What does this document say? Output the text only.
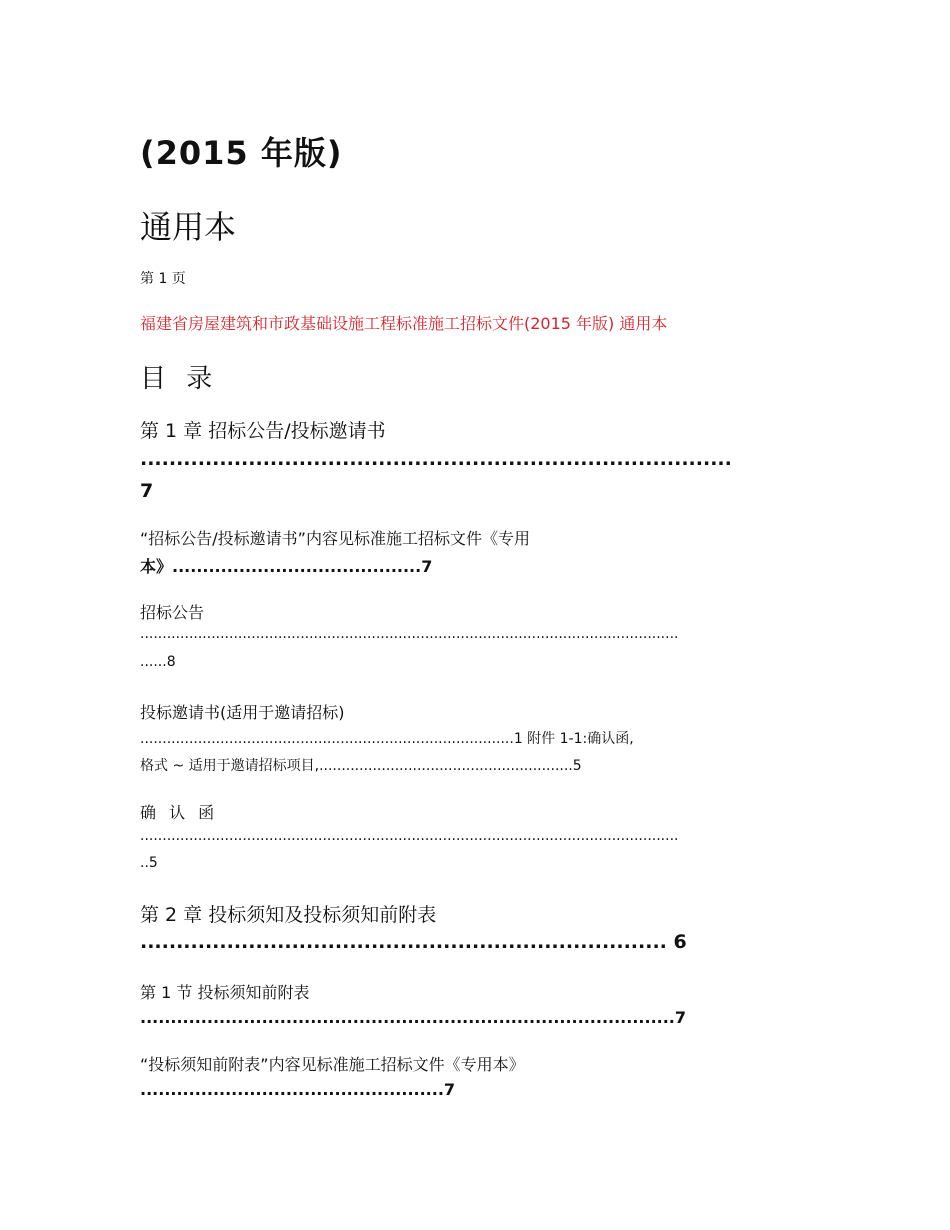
(2015 年版)
通用本
第 1 页
福建省房屋建筑和市政基础设施工程标准施工招标文件(2015 年版) 通用本
目 录
第 1 章 招标公告/投标邀请书
..................................................................................
7
“招标公告/投标邀请书”内容见标准施工招标文件《专用
本》.........................................7
招标公告
.........................................................................................................................
......8
投标邀请书(适用于邀请招标)
....................................................................................1 附件 1-1:确认函,
格式 ~ 适用于邀请招标项目,.........................................................5
确 认 函
.........................................................................................................................
..5
第 2 章 投标须知及投标须知前附表
......................................................................... 6
第 1 节 投标须知前附表
........................................................................................7
“投标须知前附表”内容见标准施工招标文件《专用本》
..................................................7
